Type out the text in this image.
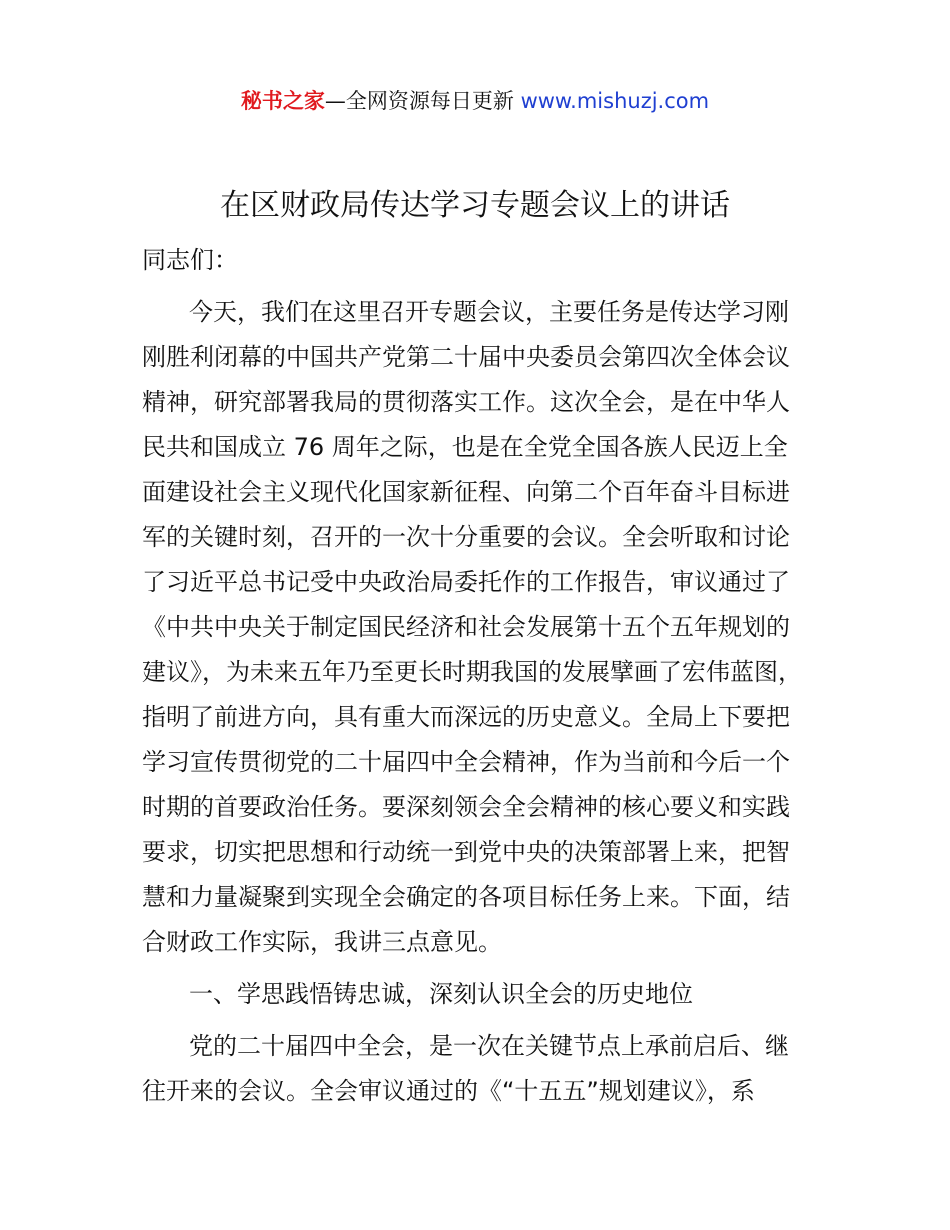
秘书之家—全网资源每日更新 www.mishuzj.com
在区财政局传达学习专题会议上的讲话
同志们：
今天，我们在这里召开专题会议，主要任务是传达学习刚
刚胜利闭幕的中国共产党第二十届中央委员会第四次全体会议
精神，研究部署我局的贯彻落实工作。这次全会，是在中华人
民共和国成立 76 周年之际，也是在全党全国各族人民迈上全
面建设社会主义现代化国家新征程、向第二个百年奋斗目标进
军的关键时刻，召开的一次十分重要的会议。全会听取和讨论
了习近平总书记受中央政治局委托作的工作报告，审议通过了
《中共中央关于制定国民经济和社会发展第十五个五年规划的
建议》，为未来五年乃至更长时期我国的发展擘画了宏伟蓝图，
指明了前进方向，具有重大而深远的历史意义。全局上下要把
学习宣传贯彻党的二十届四中全会精神，作为当前和今后一个
时期的首要政治任务。要深刻领会全会精神的核心要义和实践
要求，切实把思想和行动统一到党中央的决策部署上来，把智
慧和力量凝聚到实现全会确定的各项目标任务上来。下面，结
合财政工作实际，我讲三点意见。
一、学思践悟铸忠诚，深刻认识全会的历史地位
党的二十届四中全会，是一次在关键节点上承前启后、继
往开来的会议。全会审议通过的《“十五五”规划建议》，系
